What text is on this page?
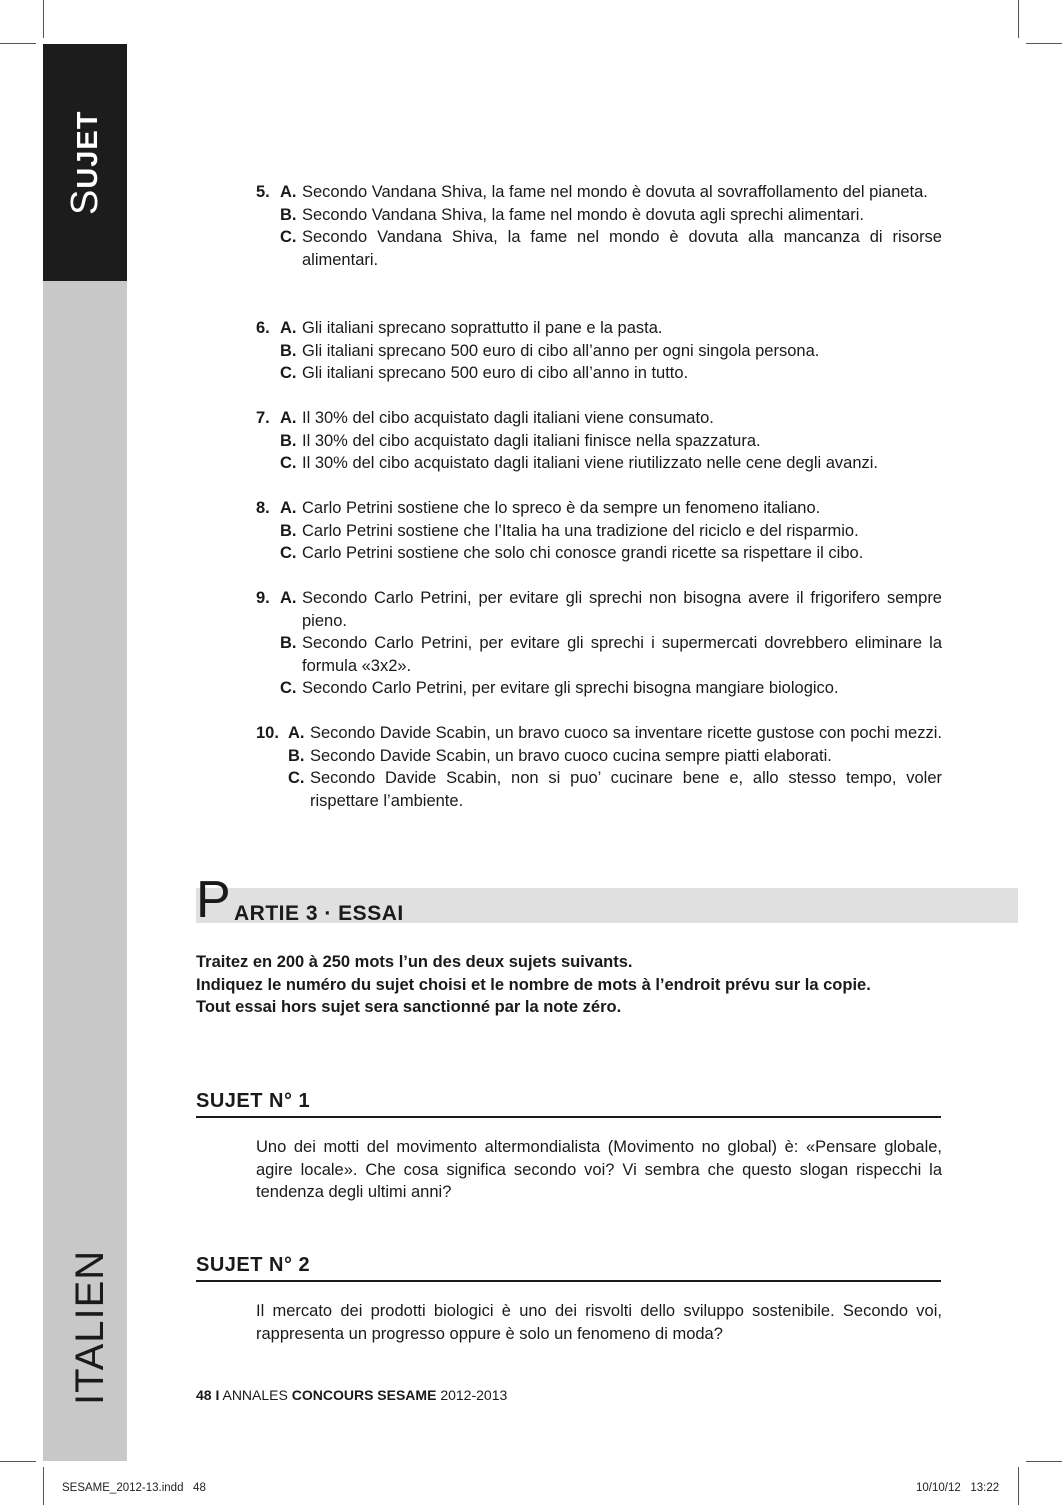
SUJET
ITALIEN
5. A. Secondo Vandana Shiva, la fame nel mondo è dovuta al sovraffollamento del pianeta.
B. Secondo Vandana Shiva, la fame nel mondo è dovuta agli sprechi alimentari.
C. Secondo Vandana Shiva, la fame nel mondo è dovuta alla mancanza di risorse alimentari.
6. A. Gli italiani sprecano soprattutto il pane e la pasta.
B. Gli italiani sprecano 500 euro di cibo all’anno per ogni singola persona.
C. Gli italiani sprecano 500 euro di cibo all’anno in tutto.
7. A. Il 30% del cibo acquistato dagli italiani viene consumato.
B. Il 30% del cibo acquistato dagli italiani finisce nella spazzatura.
C. Il 30% del cibo acquistato dagli italiani viene riutilizzato nelle cene degli avanzi.
8. A. Carlo Petrini sostiene che lo spreco è da sempre un fenomeno italiano.
B. Carlo Petrini sostiene che l’Italia ha una tradizione del riciclo e del risparmio.
C. Carlo Petrini sostiene che solo chi conosce grandi ricette sa rispettare il cibo.
9. A. Secondo Carlo Petrini, per evitare gli sprechi non bisogna avere il frigorifero sempre pieno.
B. Secondo Carlo Petrini, per evitare gli sprechi i supermercati dovrebbero eliminare la formula «3x2».
C. Secondo Carlo Petrini, per evitare gli sprechi bisogna mangiare biologico.
10. A. Secondo Davide Scabin, un bravo cuoco sa inventare ricette gustose con pochi mezzi.
B. Secondo Davide Scabin, un bravo cuoco cucina sempre piatti elaborati.
C. Secondo Davide Scabin, non si puo’ cucinare bene e, allo stesso tempo, voler rispettare l’ambiente.
P ARTIE 3 · ESSAI
Traitez en 200 à 250 mots l’un des deux sujets suivants.
Indiquez le numéro du sujet choisi et le nombre de mots à l’endroit prévu sur la copie.
Tout essai hors sujet sera sanctionné par la note zéro.
SUJET N° 1
Uno dei motti del movimento altermondialista (Movimento no global) è: «Pensare globale, agire locale». Che cosa significa secondo voi? Vi sembra che questo slogan rispecchi la tendenza degli ultimi anni?
SUJET N° 2
Il mercato dei prodotti biologici è uno dei risvolti dello sviluppo sostenibile. Secondo voi, rappresenta un progresso oppure è solo un fenomeno di moda?
48 I ANNALES CONCOURS SESAME 2012-2013
SESAME_2012-13.indd   48	10/10/12   13:22
